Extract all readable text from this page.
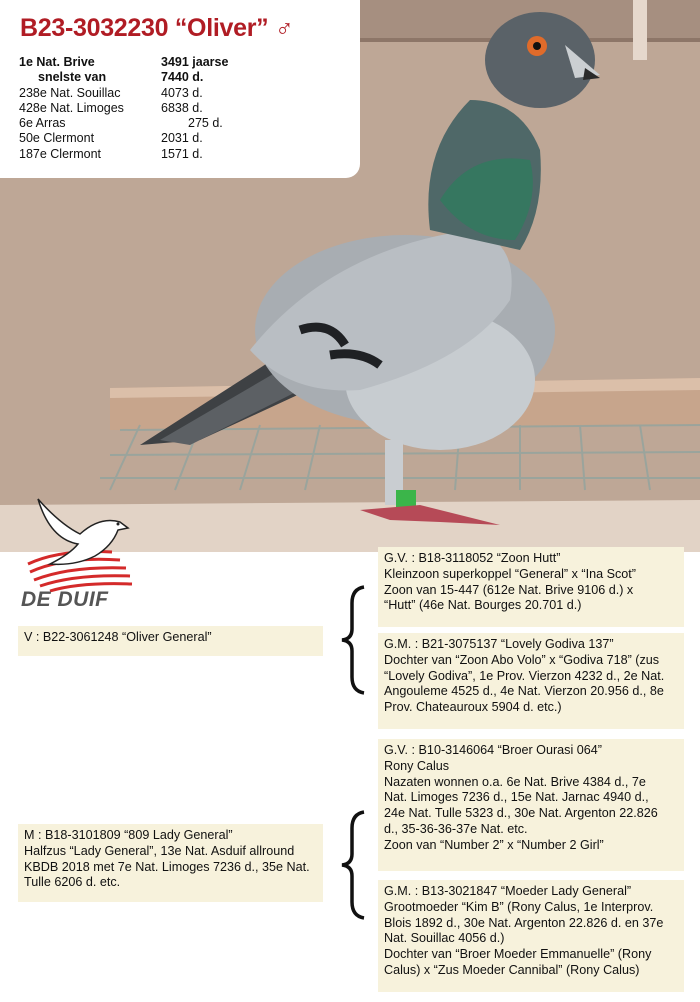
B23-3032230 “Oliver” ♂
1e Nat. Brive	3491 jaarse
snelste van	7440 d.
238e Nat. Souillac	4073 d.
428e Nat. Limoges	6838 d.
6e Arras	275 d.
50e Clermont	2031 d.
187e Clermont	1571 d.
DE DUIF
V : B22-3061248 “Oliver General”
G.V. : B18-3118052 “Zoon Hutt”
Kleinzoon superkoppel “General” x “Ina Scot”
Zoon van 15-447 (612e Nat. Brive 9106 d.) x
“Hutt” (46e Nat. Bourges 20.701 d.)
G.M. : B21-3075137 “Lovely Godiva 137”
Dochter van “Zoon Abo Volo” x “Godiva 718” (zus
“Lovely Godiva”, 1e Prov. Vierzon 4232 d., 2e Nat.
Angouleme 4525 d., 4e Nat. Vierzon 20.956 d., 8e
Prov. Chateauroux 5904 d. etc.)
M : B18-3101809 “809 Lady General”
Halfzus “Lady General”, 13e Nat. Asduif allround
KBDB 2018 met 7e Nat. Limoges 7236 d., 35e Nat.
Tulle 6206 d. etc.
G.V. : B10-3146064 “Broer Ourasi 064”
Rony Calus
Nazaten wonnen o.a. 6e Nat. Brive 4384 d., 7e
Nat. Limoges 7236 d., 15e Nat. Jarnac 4940 d.,
24e Nat. Tulle 5323 d., 30e Nat. Argenton 22.826
d., 35-36-36-37e Nat. etc.
Zoon van “Number 2” x “Number 2 Girl”
G.M. : B13-3021847 “Moeder Lady General”
Grootmoeder “Kim B” (Rony Calus, 1e Interprov.
Blois 1892 d., 30e Nat. Argenton 22.826 d. en 37e
Nat. Souillac 4056 d.)
Dochter van “Broer Moeder Emmanuelle” (Rony
Calus) x “Zus Moeder Cannibal” (Rony Calus)
